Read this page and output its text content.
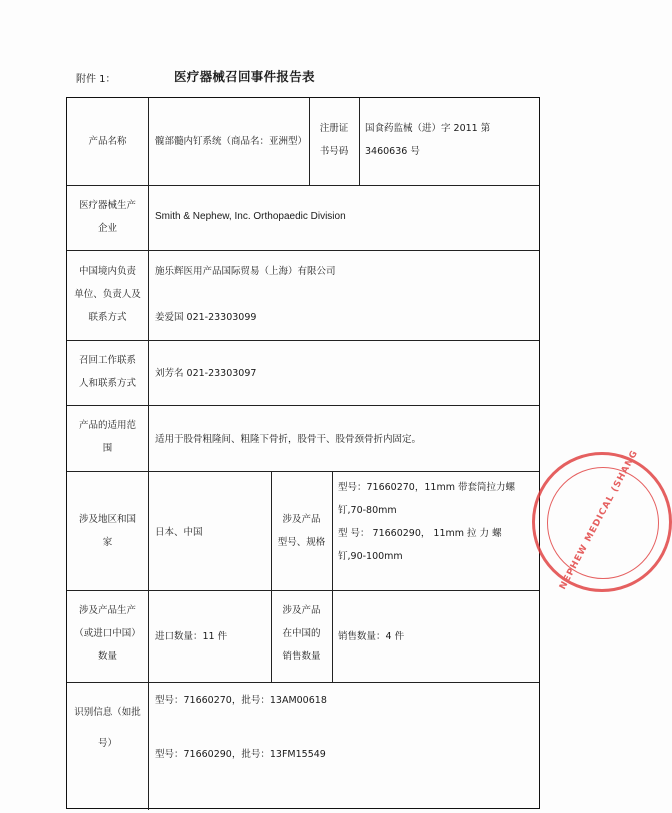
附件 1：	医疗器械召回事件报告表
产品名称	髋部髓内钉系统（商品名：亚洲型）
注册证
书号码
国食药监械（进）字 2011 第
3460636 号
医疗器械生产
企业
Smith & Nephew, Inc. Orthopaedic Division
中国境内负责
单位、负责人及
联系方式
施乐辉医用产品国际贸易（上海）有限公司
姜爱国 021-23303099
召回工作联系
人和联系方式
刘芳名 021-23303097
产品的适用范
围
适用于股骨粗隆间、粗隆下骨折，股骨干、股骨颈骨折内固定。
涉及地区和国
家
日本、中国
涉及产品
型号、规格
型号：71660270，11mm 带套筒拉力螺
钉,70-80mm
型 号： 71660290， 11mm 拉 力 螺
钉,90-100mm
涉及产品生产
（或进口中国）
数量
进口数量：11 件
涉及产品
在中国的
销售数量
销售数量：4 件
识别信息（如批
号）
型号：71660270，批号：13AM00618
型号：71660290，批号：13FM15549
NEPHEW MEDICAL (SHANG
